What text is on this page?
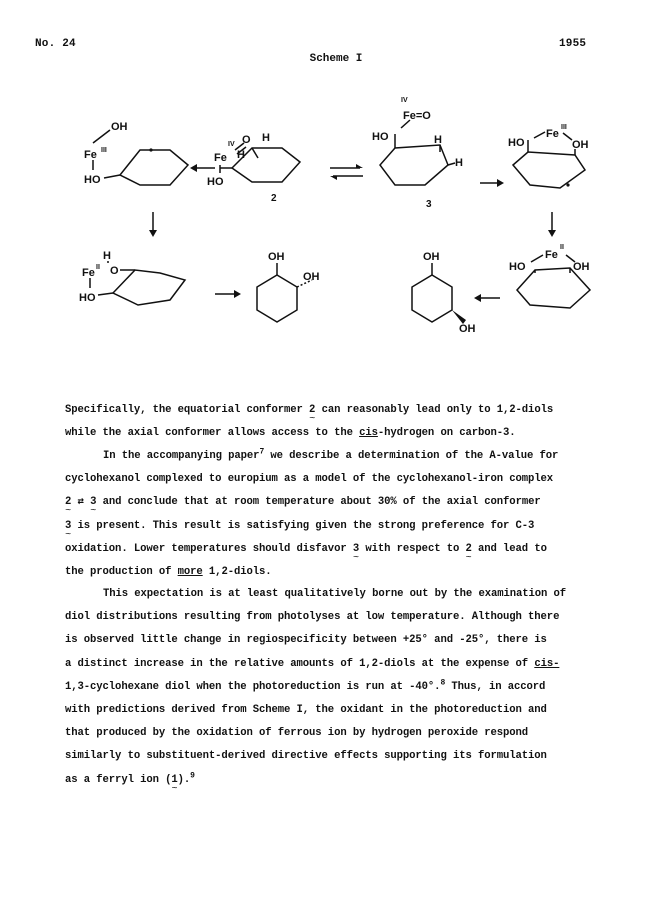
No. 24	1955
Scheme I
OH
Fe III
HO
H
H
O
Fe
IV
HO
2
Fe=O
IV
HO	H
H
3
HO
Fe
III
OH
H
Fe II O
HO
OH
OH
OH
OH
HO
Fe
II
OH
Specifically, the equatorial conformer 2 ~ can reasonably lead only to 1,2-diols
while the axial conformer allows access to the cis-hydrogen on carbon-3.
In the accompanying paper$^7$ we describe a determination of the A-value for
cyclohexanol complexed to europium as a model of the cyclohexanol-iron complex
2 ~ ⇄ 3 ~ and conclude that at room temperature about 30% of the axial conformer
3 ~ is present. This result is satisfying given the strong preference for C-3
oxidation. Lower temperatures should disfavor 3 ~ with respect to 2 ~ and lead to
the production of more 1,2-diols.
This expectation is at least qualitatively borne out by the examination of
diol distributions resulting from photolyses at low temperature. Although there
is observed little change in regiospecificity between +25° and -25°, there is
a distinct increase in the relative amounts of 1,2-diols at the expense of cis-
1,3-cyclohexane diol when the photoreduction is run at -40°.$^8$ Thus, in accord
with predictions derived from Scheme I, the oxidant in the photoreduction and
that produced by the oxidation of ferrous ion by hydrogen peroxide respond
similarly to substituent-derived directive effects supporting its formulation
as a ferryl ion (1 ~).$^9$
